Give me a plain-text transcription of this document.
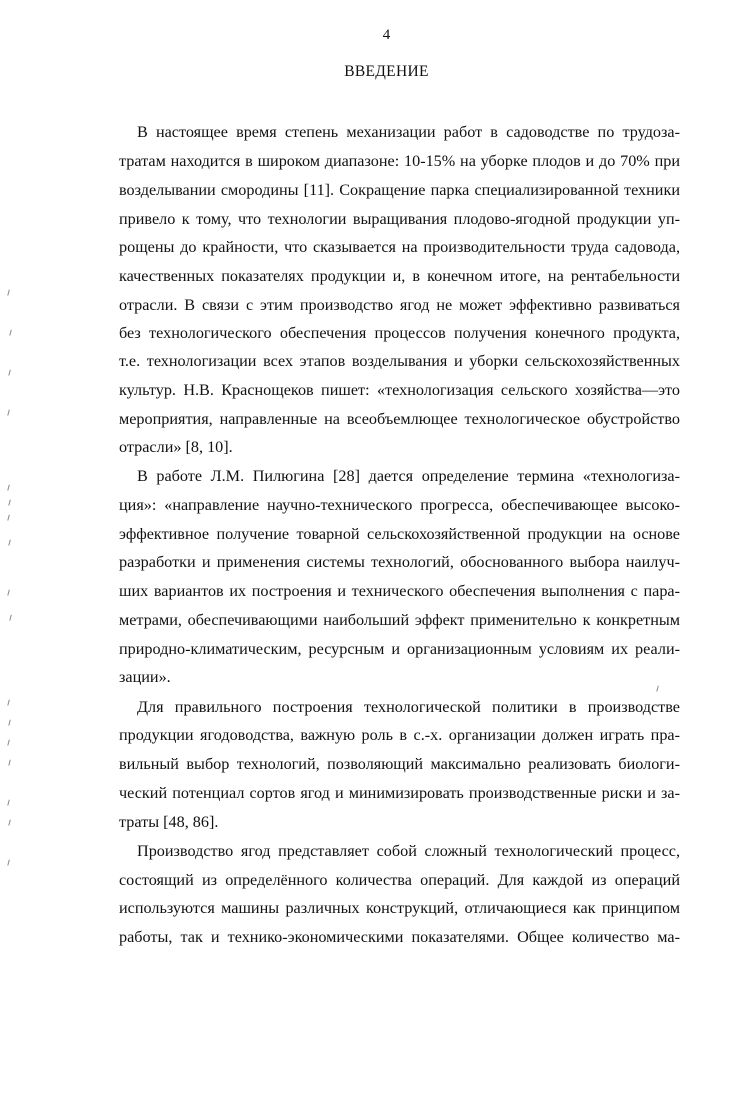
4
ВВЕДЕНИЕ
В настоящее время степень механизации работ в садоводстве по трудоза-
тратам находится в широком диапазоне: 10-15% на уборке плодов и до 70% при
возделывании смородины [11]. Сокращение парка специализированной техники
привело к тому, что технологии выращивания плодово-ягодной продукции уп-
рощены до крайности, что сказывается на производительности труда садовода,
качественных показателях продукции и, в конечном итоге, на рентабельности
отрасли. В связи с этим производство ягод не может эффективно развиваться
без технологического обеспечения процессов получения конечного продукта,
т.е. технологизации всех этапов возделывания и уборки сельскохозяйственных
культур. Н.В. Краснощеков пишет: «технологизация сельского хозяйства—это
мероприятия, направленные на всеобъемлющее технологическое обустройство
отрасли» [8, 10].
В работе Л.М. Пилюгина [28] дается определение термина «технологиза-
ция»: «направление научно-технического прогресса, обеспечивающее высоко-
эффективное получение товарной сельскохозяйственной продукции на основе
разработки и применения системы технологий, обоснованного выбора наилуч-
ших вариантов их построения и технического обеспечения выполнения с пара-
метрами, обеспечивающими наибольший эффект применительно к конкретным
природно-климатическим, ресурсным и организационным условиям их реали-
зации».
Для правильного построения технологической политики в производстве
продукции ягодоводства, важную роль в с.-х. организации должен играть пра-
вильный выбор технологий, позволяющий максимально реализовать биологи-
ческий потенциал сортов ягод и минимизировать производственные риски и за-
траты [48, 86].
Производство ягод представляет собой сложный технологический процесс,
состоящий из определённого количества операций. Для каждой из операций
используются машины различных конструкций, отличающиеся как принципом
работы, так и технико-экономическими показателями. Общее количество ма-
